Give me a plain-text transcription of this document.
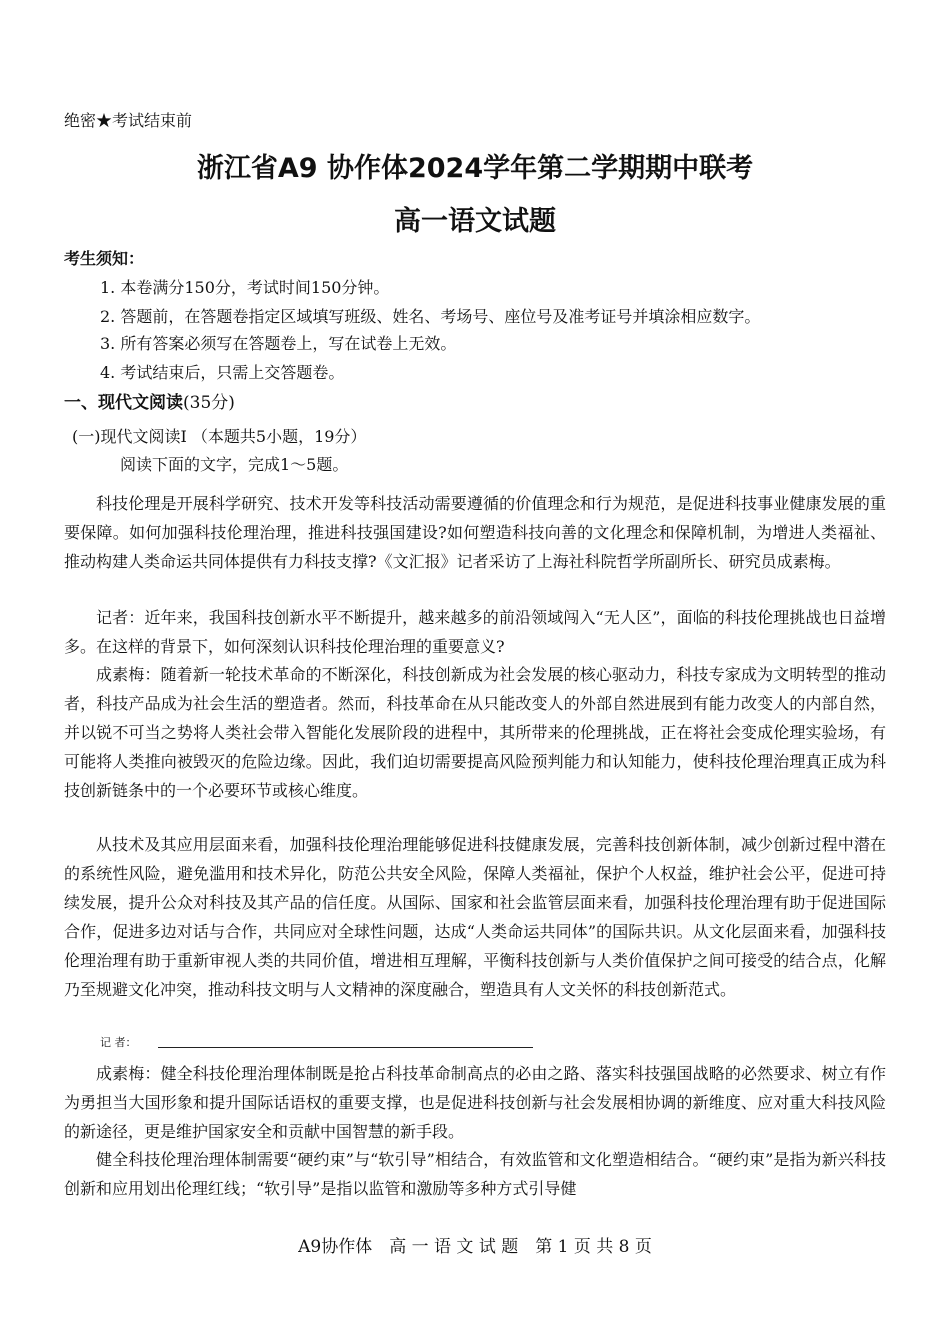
绝密★考试结束前
浙江省A9 协作体2024学年第二学期期中联考
高一语文试题
考生须知：
1. 本卷满分150分，考试时间150分钟。
2. 答题前，在答题卷指定区域填写班级、姓名、考场号、座位号及准考证号并填涂相应数字。
3. 所有答案必须写在答题卷上，写在试卷上无效。
4. 考试结束后，只需上交答题卷。
一、现代文阅读(35分)
(一)现代文阅读I （本题共5小题，19分）
阅读下面的文字，完成1～5题。

科技伦理是开展科学研究、技术开发等科技活动需要遵循的价值理念和行为规范，是促进科技事业健康发展的重要保障。如何加强科技伦理治理，推进科技强国建设?如何塑造科技向善的文化理念和保障机制，为增进人类福祉、推动构建人类命运共同体提供有力科技支撑?《文汇报》记者采访了上海社科院哲学所副所长、研究员成素梅。

记者：近年来，我国科技创新水平不断提升，越来越多的前沿领域闯入“无人区”，面临的科技伦理挑战也日益增多。在这样的背景下，如何深刻认识科技伦理治理的重要意义?

成素梅：随着新一轮技术革命的不断深化，科技创新成为社会发展的核心驱动力，科技专家成为文明转型的推动者，科技产品成为社会生活的塑造者。然而，科技革命在从只能改变人的外部自然进展到有能力改变人的内部自然，并以锐不可当之势将人类社会带入智能化发展阶段的进程中，其所带来的伦理挑战，正在将社会变成伦理实验场，有可能将人类推向被毁灭的危险边缘。因此，我们迫切需要提高风险预判能力和认知能力，使科技伦理治理真正成为科技创新链条中的一个必要环节或核心维度。

从技术及其应用层面来看，加强科技伦理治理能够促进科技健康发展，完善科技创新体制，减少创新过程中潜在的系统性风险，避免滥用和技术异化，防范公共安全风险，保障人类福祉，保护个人权益，维护社会公平，促进可持续发展，提升公众对科技及其产品的信任度。从国际、国家和社会监管层面来看，加强科技伦理治理有助于促进国际合作，促进多边对话与合作，共同应对全球性问题，达成“人类命运共同体”的国际共识。从文化层面来看，加强科技伦理治理有助于重新审视人类的共同价值，增进相互理解，平衡科技创新与人类价值保护之间可接受的结合点，化解乃至规避文化冲突，推动科技文明与人文精神的深度融合，塑造具有人文关怀的科技创新范式。

记 者：

成素梅：健全科技伦理治理体制既是抢占科技革命制高点的必由之路、落实科技强国战略的必然要求、树立有作为勇担当大国形象和提升国际话语权的重要支撑，也是促进科技创新与社会发展相协调的新维度、应对重大科技风险的新途径，更是维护国家安全和贡献中国智慧的新手段。

健全科技伦理治理体制需要“硬约束”与“软引导”相结合，有效监管和文化塑造相结合。“硬约束”是指为新兴科技创新和应用划出伦理红线；“软引导”是指以监管和激励等多种方式引导健

A9协作体　高 一 语 文 试 题　第 1 页 共 8 页
